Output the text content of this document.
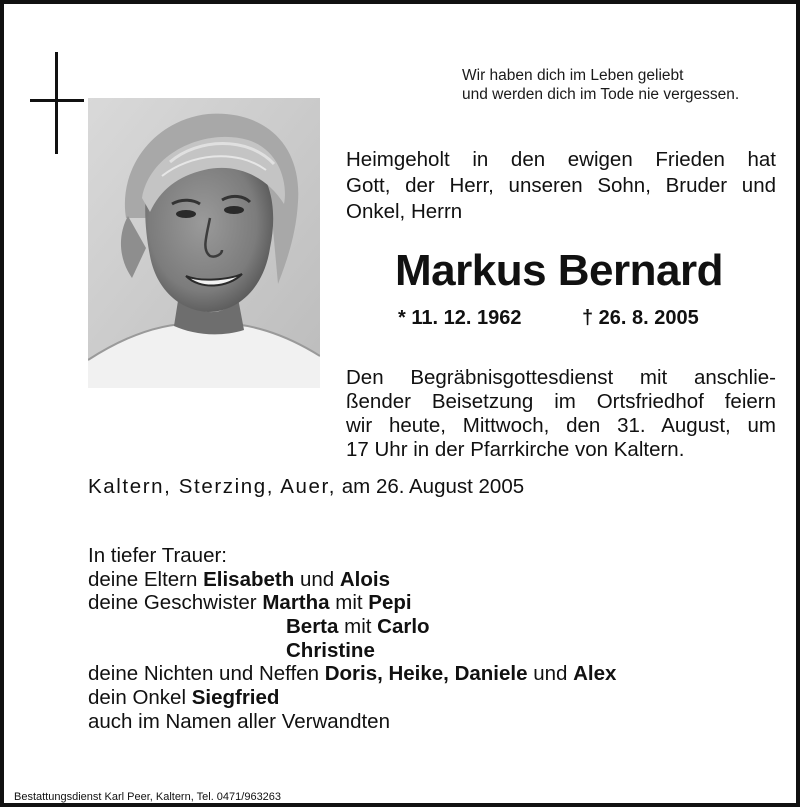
Wir haben dich im Leben geliebt
und werden dich im Tode nie vergessen.
Heimgeholt in den ewigen Frieden hat
Gott, der Herr, unseren Sohn, Bruder und
Onkel, Herrn
Markus Bernard
* 11. 12. 1962	† 26. 8. 2005
Den Begräbnisgottesdienst mit anschlie-
ßender Beisetzung im Ortsfriedhof feiern
wir heute, Mittwoch, den 31. August, um
17 Uhr in der Pfarrkirche von Kaltern.
Kaltern, Sterzing, Auer, am 26. August 2005
In tiefer Trauer:
deine Eltern Elisabeth und Alois
deine Geschwister Martha mit Pepi
Berta mit Carlo
Christine
deine Nichten und Neffen Doris, Heike, Daniele und Alex
dein Onkel Siegfried
auch im Namen aller Verwandten
Bestattungsdienst Karl Peer, Kaltern, Tel. 0471/963263
